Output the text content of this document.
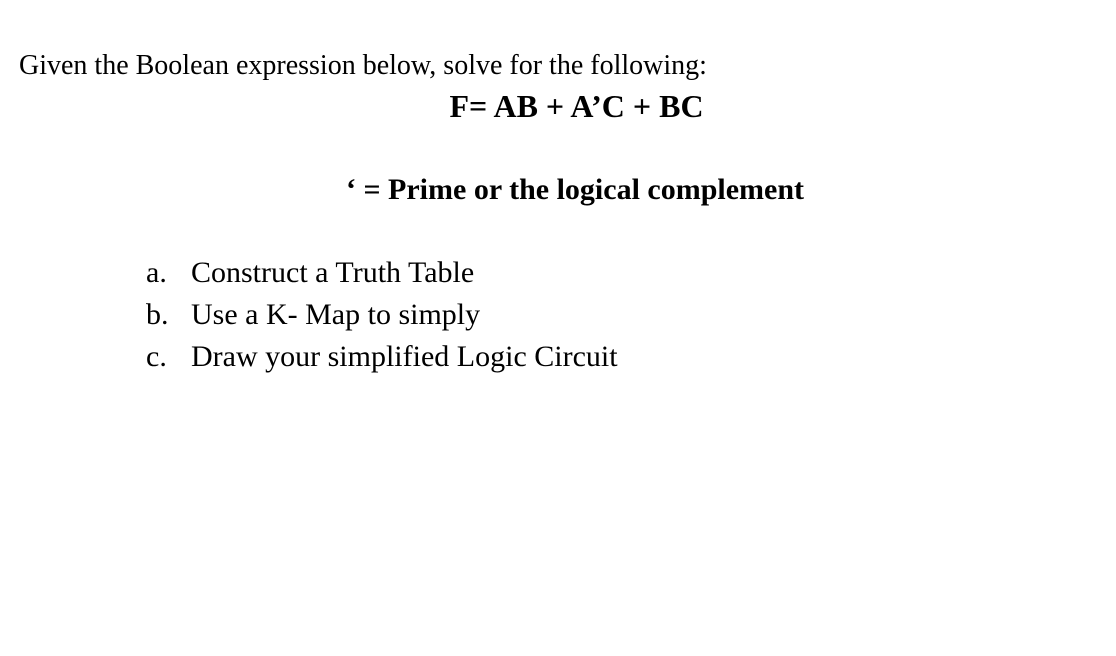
Given the Boolean expression below, solve for the following:

F= AB + A’C + BC
‘ = Prime or the logical complement
a. Construct a Truth Table
b. Use a K- Map to simply
c. Draw your simplified Logic Circuit
